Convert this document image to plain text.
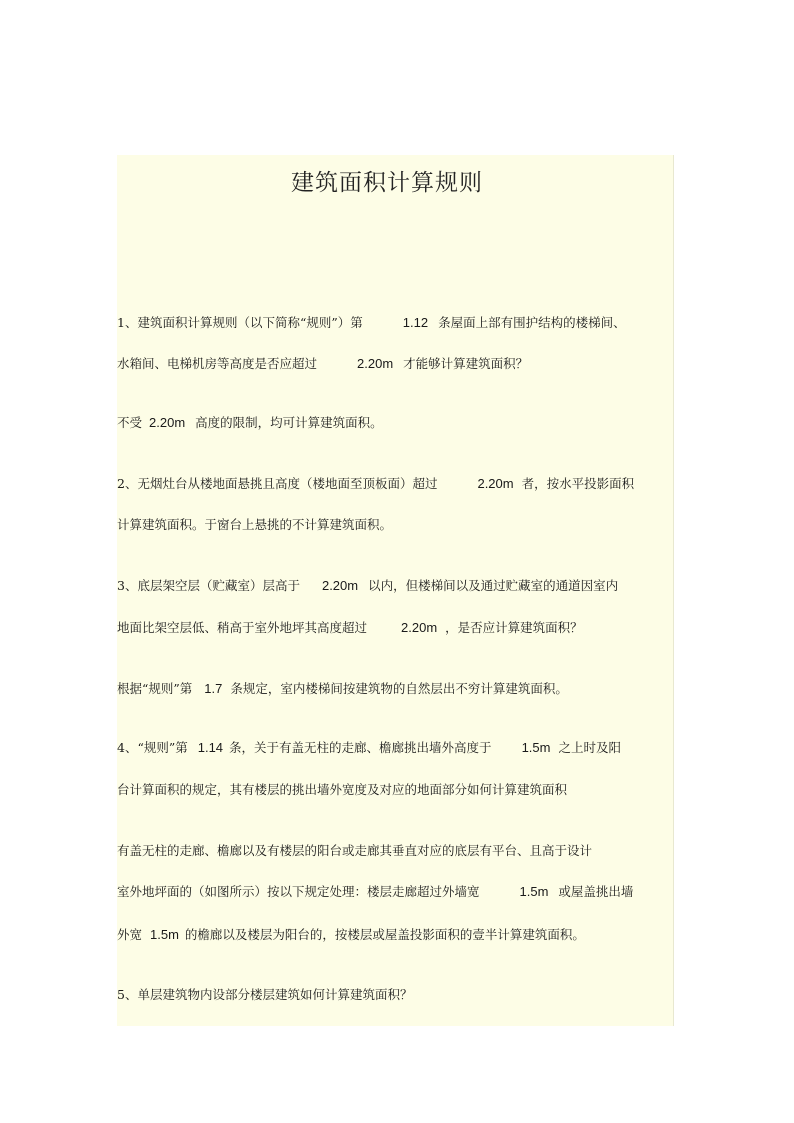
建筑面积计算规则
1、建筑面积计算规则（以下简称“规则”）第	1.12 条屋面上部有围护结构的楼梯间、
水箱间、电梯机房等高度是否应超过	2.20m 才能够计算建筑面积？
不受 2.20m 高度的限制，均可计算建筑面积。
2、无烟灶台从楼地面悬挑且高度（楼地面至顶板面）超过	2.20m 者，按水平投影面积
计算建筑面积。于窗台上悬挑的不计算建筑面积。
3、底层架空层（贮藏室）层高于 2.20m 以内，但楼梯间以及通过贮藏室的通道因室内
地面比架空层低、稍高于室外地坪其高度超过	2.20m ，是否应计算建筑面积？
根据“规则”第 1.7 条规定，室内楼梯间按建筑物的自然层出不穷计算建筑面积。
4、“规则”第 1.14 条，关于有盖无柱的走廊、檐廊挑出墙外高度于 1.5m 之上时及阳
台计算面积的规定，其有楼层的挑出墙外宽度及对应的地面部分如何计算建筑面积
有盖无柱的走廊、檐廊以及有楼层的阳台或走廊其垂直对应的底层有平台、且高于设计
室外地坪面的（如图所示）按以下规定处理：楼层走廊超过外墙宽	1.5m 或屋盖挑出墙
外宽 1.5m 的檐廊以及楼层为阳台的，按楼层或屋盖投影面积的壹半计算建筑面积。
5、单层建筑物内设部分楼层建筑如何计算建筑面积？
